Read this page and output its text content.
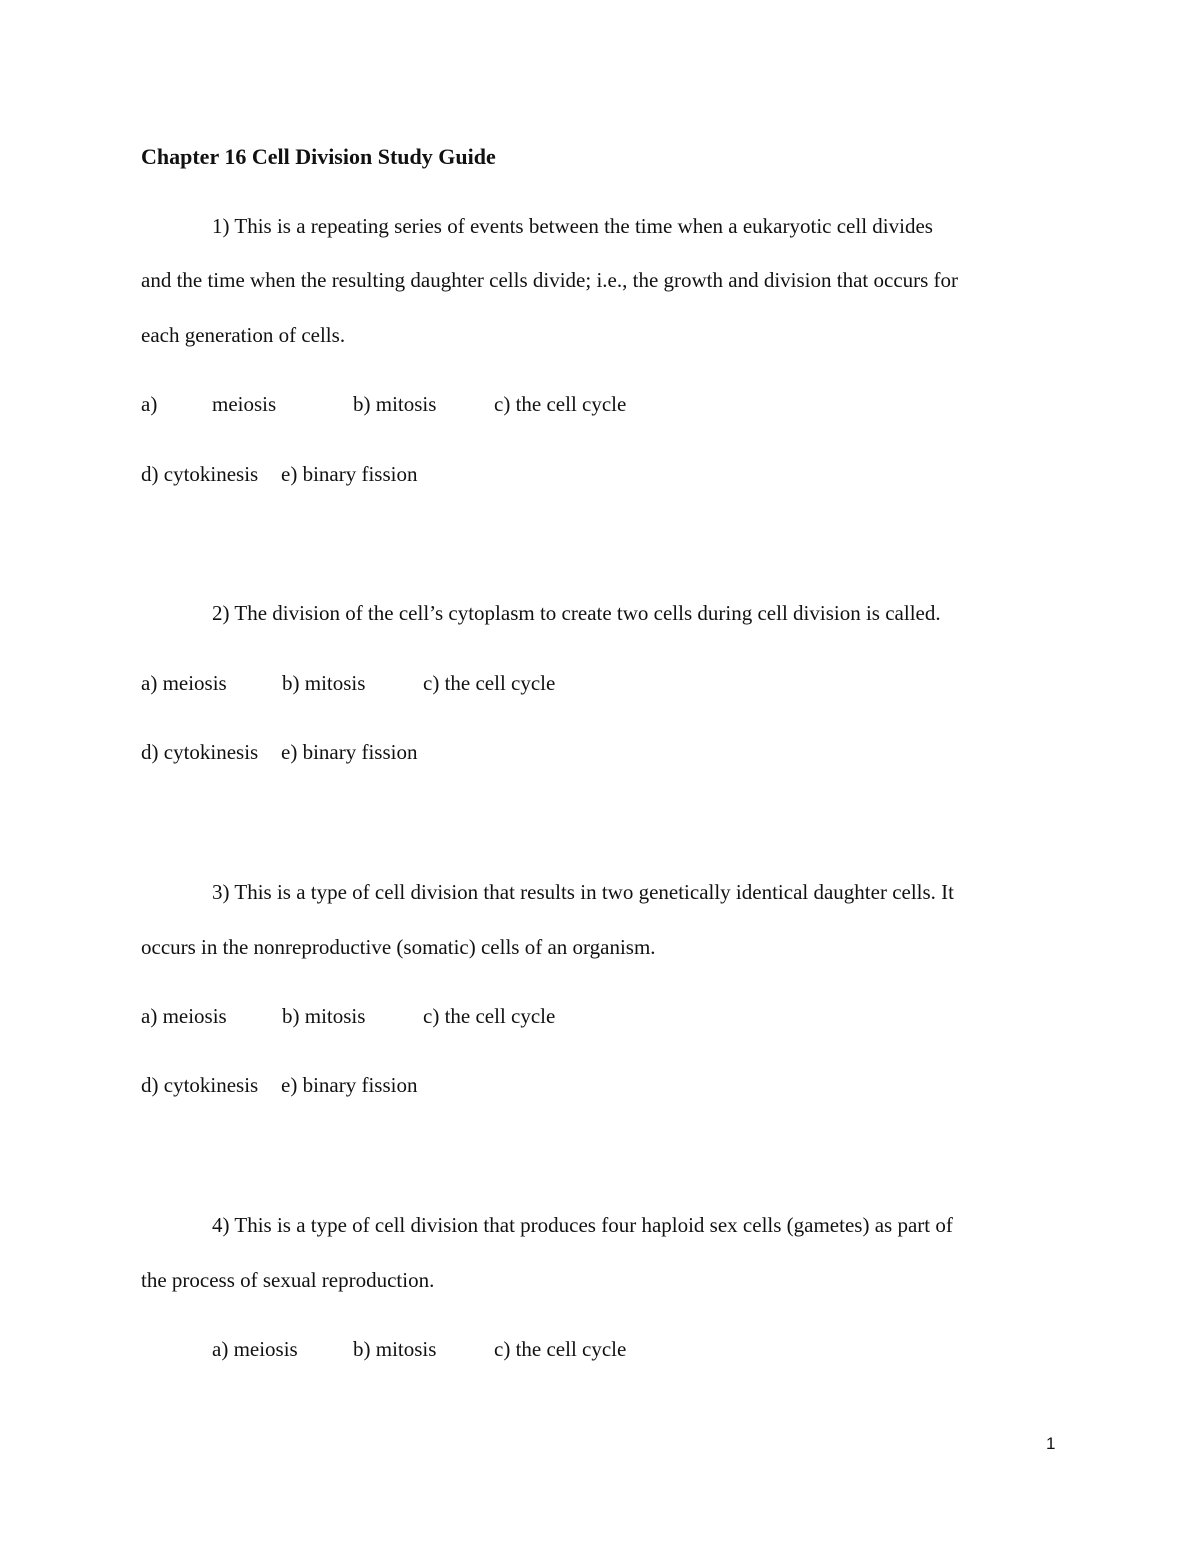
Chapter 16 Cell Division Study Guide
1) This is a repeating series of events between the time when a eukaryotic cell divides
and the time when the resulting daughter cells divide; i.e., the growth and division that occurs for
each generation of cells.
a)	meiosis	b) mitosis	c) the cell cycle
d) cytokinesis e) binary fission
2) The division of the cell’s cytoplasm to create two cells during cell division is called.
a) meiosis	b) mitosis	c) the cell cycle
d) cytokinesis e) binary fission
3) This is a type of cell division that results in two genetically identical daughter cells. It
occurs in the nonreproductive (somatic) cells of an organism.
a) meiosis	b) mitosis	c) the cell cycle
d) cytokinesis e) binary fission
4) This is a type of cell division that produces four haploid sex cells (gametes) as part of
the process of sexual reproduction.
a) meiosis	b) mitosis	c) the cell cycle
1
